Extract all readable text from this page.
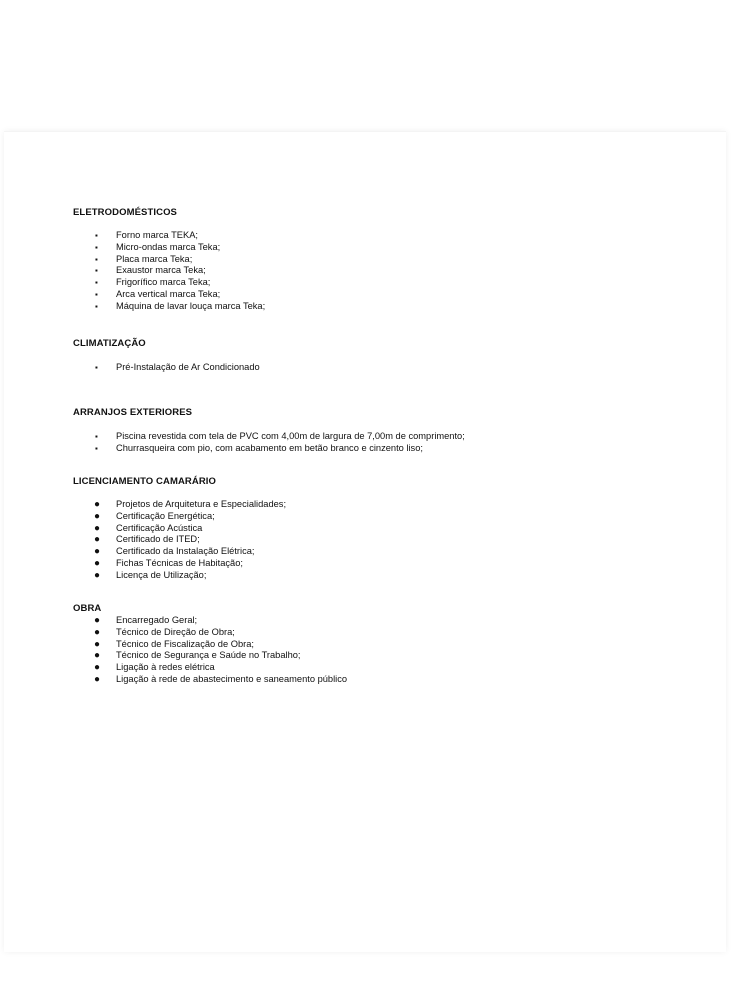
ELETRODOMÉSTICOS

▪ Forno marca TEKA;
▪ Micro-ondas marca Teka;
▪ Placa marca Teka;
▪ Exaustor marca Teka;
▪ Frigorífico marca Teka;
▪ Arca vertical marca Teka;
▪ Máquina de lavar louça marca Teka;

CLIMATIZAÇÃO

▪ Pré-Instalação de Ar Condicionado

ARRANJOS EXTERIORES

▪ Piscina revestida com tela de PVC com 4,00m de largura de 7,00m de comprimento;
▪ Churrasqueira com pio, com acabamento em betão branco e cinzento liso;

LICENCIAMENTO CAMARÁRIO

● Projetos de Arquitetura e Especialidades;
● Certificação Energética;
● Certificação Acústica
● Certificado de ITED;
● Certificado da Instalação Elétrica;
● Fichas Técnicas de Habitação;
● Licença de Utilização;

OBRA

● Encarregado Geral;
● Técnico de Direção de Obra;
● Técnico de Fiscalização de Obra;
● Técnico de Segurança e Saúde no Trabalho;
● Ligação à redes elétrica
● Ligação à rede de abastecimento e saneamento público
